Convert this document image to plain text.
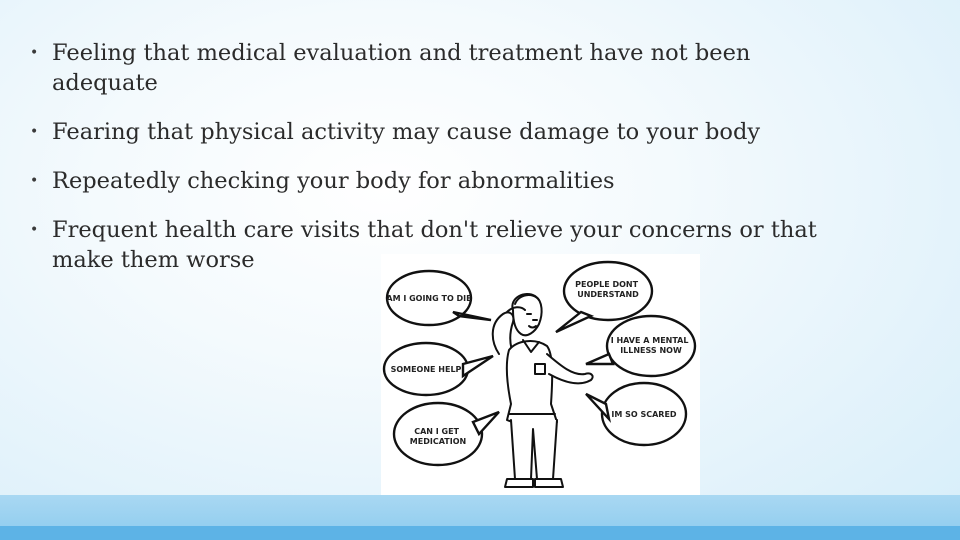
• Feeling that medical evaluation and treatment have not been adequate
• Fearing that physical activity may cause damage to your body
• Repeatedly checking your body for abnormalities
• Frequent health care visits that don't relieve your concerns or that make them worse
AM I GOING TO DIE
PEOPLE DONT UNDERSTAND
SOMEONE HELP
I HAVE A MENTAL ILLNESS NOW
CAN I GET MEDICATION
IM SO SCARED
